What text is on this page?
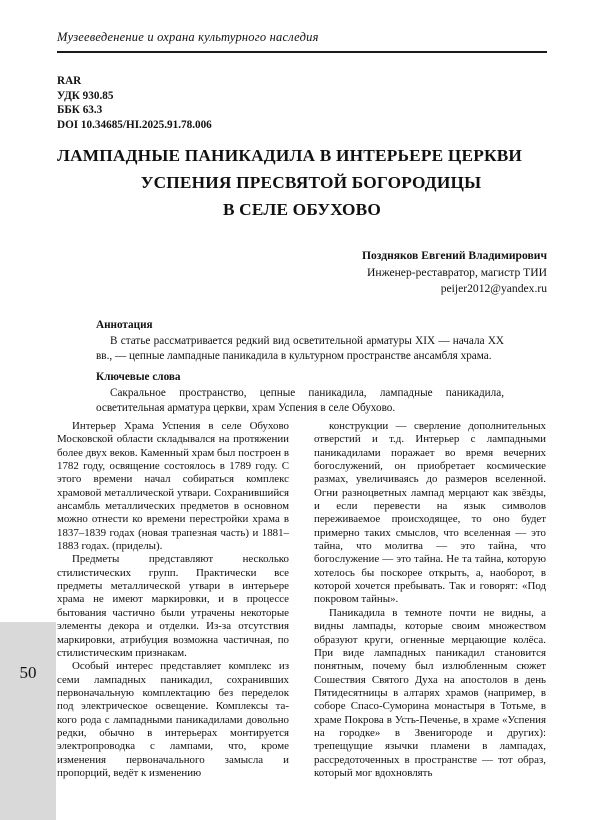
Музееведенение и охрана культурного наследия
RAR
УДК 930.85
ББК 63.3
DOI 10.34685/HI.2025.91.78.006
ЛАМПАДНЫЕ ПАНИКАДИЛА В ИНТЕРЬЕРЕ ЦЕРКВИ
УСПЕНИЯ ПРЕСВЯТОЙ БОГОРОДИЦЫ
В СЕЛЕ ОБУХОВО
Поздняков Евгений Владимирович
Инженер-реставратор, магистр ТИИ
peijer2012@yandex.ru
Аннотация

В статье рассматривается редкий вид осветительной арматуры XIX — начала XX вв., — цепные лампадные паникадила в культурном пространстве ансамбля храма.

Ключевые слова

Сакральное пространство, цепные паникадила, лампадные паникадила, осветительная арматура церкви, храм Успения в селе Обухово.

Интерьер Храма Успения в селе Обухово Московской области складывался на протяжении более двух веков. Каменный храм был построен в 1782 году, освящение состоялось в 1789 году. С этого времени начал собираться комплекс храмовой металлической утвари. Сохранившийся ансамбль металлических предметов в основном можно отнести ко времени перестройки храма в 1837–1839 годах (новая трапезная часть) и 1881–1883 годах. (приделы).

Предметы представляют несколько стилистических групп. Практически все предметы металлической утвари в интерьере храма не имеют маркировки, и в процессе бытования частично были утрачены некоторые элементы декора и отделки. Из-за отсутствия маркировки, атрибуция возможна частичная, по стилистическим признакам.

Особый интерес представляет комплекс из семи лампадных паникадил, сохранивших первоначальную комплектацию без переделок под электрическое освещение. Комплексы та- кого рода с лампадными паникадилами довольно редки, обычно в интерьерах монтируется электропроводка с лампами, что, кроме изменения первоначального замысла и пропорций, ведёт к изменению

конструкции — сверление дополнительных отверстий и т.д. Интерьер с лампадными паникадилами поражает во время вечерних богослужений, он приобретает космические размах, увеличиваясь до размеров вселенной. Огни разноцветных лампад мерцают как звёзды, и если перевести на язык символов переживаемое происходящее, то оно будет примерно таких смыслов, что вселенная — это тайна, что молитва — это тайна, что богослужение — это тайна. Не та тайна, которую хотелось бы поскорее открыть, а, наоборот, в которой хочется пребывать. Так и говорят: «Под покровом тайны».

Паникадила в темноте почти не видны, а видны лампады, которые своим множеством образуют круги, огненные мерцающие колёса. При виде лампадных паникадил становится понятным, почему был излюбленным сюжет Сошествия Святого Духа на апостолов в день Пятидесятницы в алтарях храмов (например, в соборе Спасо-Суморина монастыря в Тотьме, в храме Покрова в Усть-Печенье, в храме «Успения на городке» в Звенигороде и других): трепещущие язычки пламени в лампадах, рассредоточенных в пространстве — тот образ, который мог вдохновлять

50
